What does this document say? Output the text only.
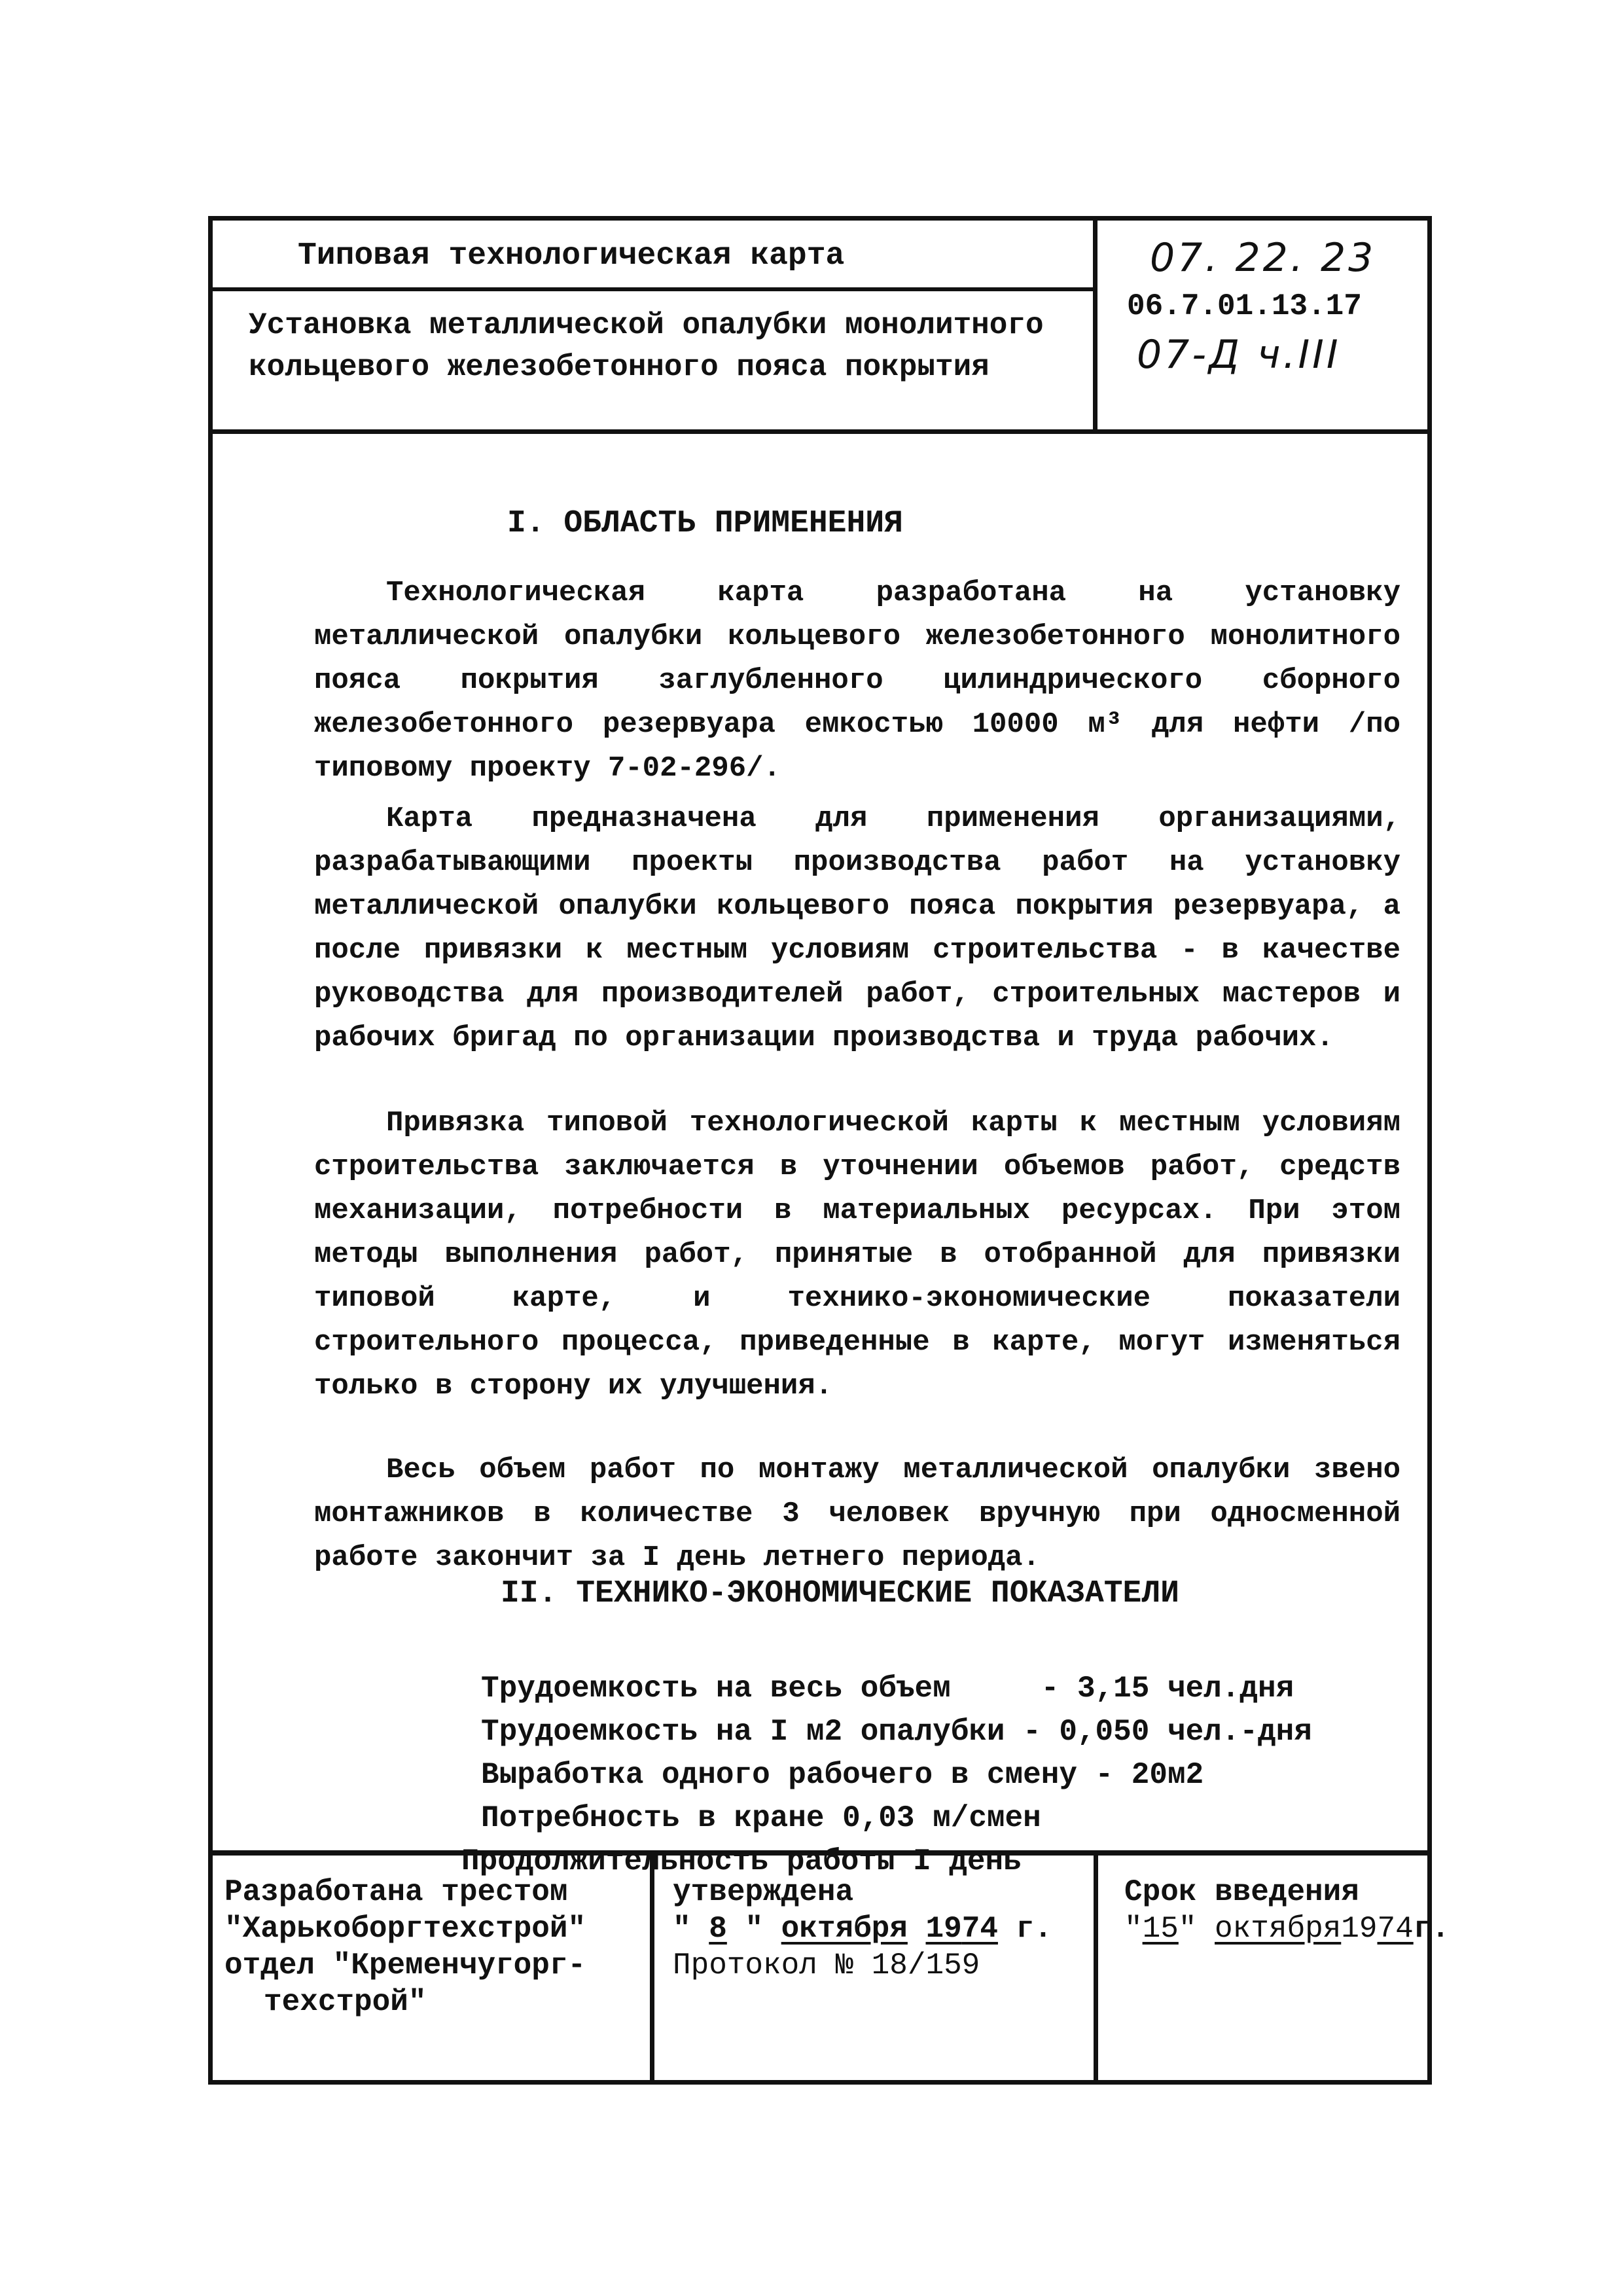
Типовая технологическая карта
Установка металлической опалубки монолитного
кольцевого железобетонного пояса покрытия
07. 22. 23
06.7.01.13.17
07-Д ч.III
I. ОБЛАСТЬ ПРИМЕНЕНИЯ
Технологическая карта разработана на установку металлической опалубки кольцевого железобетонного монолитного пояса покрытия заглубленного цилиндрического сборного железобетонного резервуара емкостью 10000 м³ для нефти /по типовому проекту 7-02-296/.
Карта предназначена для применения организациями, разрабатывающими проекты производства работ на установку металлической опалубки кольцевого пояса покрытия резервуара, а после привязки к местным условиям строительства - в качестве руководства для производителей работ, строительных мастеров и рабочих бригад по организации производства и труда рабочих.
Привязка типовой технологической карты к местным условиям строительства заключается в уточнении объемов работ, средств механизации, потребности в материальных ресурсах. При этом методы выполнения работ, принятые в отобранной для привязки типовой карте, и технико-экономические показатели строительного процесса, приведенные в карте, могут изменяться только в сторону их улучшения.
Весь объем работ по монтажу металлической опалубки звено монтажников в количестве 3 человек вручную при односменной работе закончит за I день летнего периода.
II. ТЕХНИКО-ЭКОНОМИЧЕСКИЕ ПОКАЗАТЕЛИ
Трудоемкость на весь объем     - 3,15 чел.дня
Трудоемкость на I м2 опалубки - 0,050 чел.-дня
Выработка одного рабочего в смену - 20м2
Потребность в кране 0,03 м/смен
Продолжительность работы I день
Разработана трестом
"Харькоборгтехстрой"
отдел "Кременчугорг-
техстрой"
утверждена
" 8 " октября 1974 г.
Протокол № 18/159
Срок введения
"15" октября1974г.
